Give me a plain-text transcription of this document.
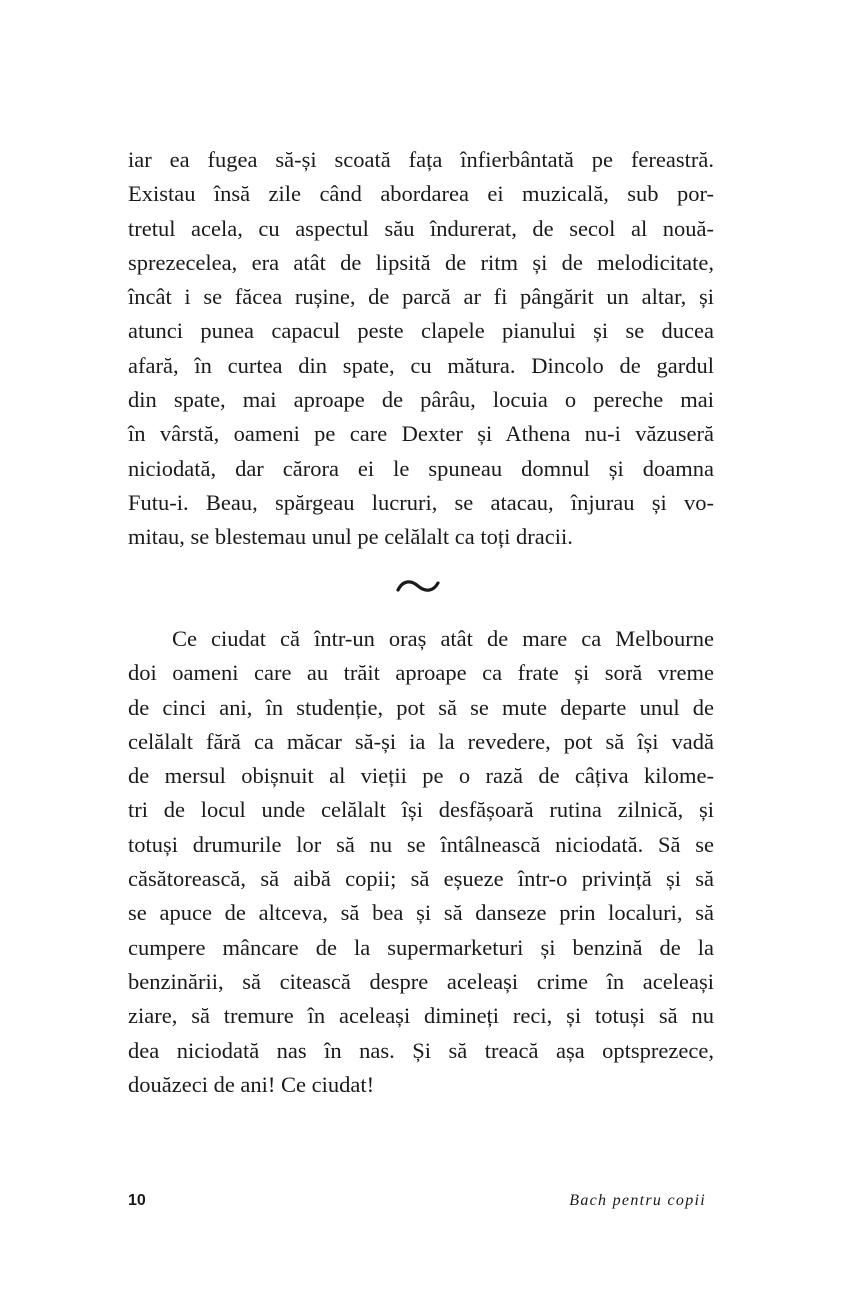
iar ea fugea să-și scoată fața înfierbântată pe fereastră.
Existau însă zile când abordarea ei muzicală, sub por-
tretul acela, cu aspectul său îndurerat, de secol al nouă-
sprezecelea, era atât de lipsită de ritm și de melodicitate,
încât i se făcea rușine, de parcă ar fi pângărit un altar, și
atunci punea capacul peste clapele pianului și se ducea
afară, în curtea din spate, cu mătura. Dincolo de gardul
din spate, mai aproape de pârâu, locuia o pereche mai
în vârstă, oameni pe care Dexter și Athena nu-i văzuseră
niciodată, dar cărora ei le spuneau domnul și doamna
Futu-i. Beau, spărgeau lucruri, se atacau, înjurau și vo-
mitau, se blestemau unul pe celălalt ca toți dracii.
Ce ciudat că într-un oraș atât de mare ca Melbourne
doi oameni care au trăit aproape ca frate și soră vreme
de cinci ani, în studenție, pot să se mute departe unul de
celălalt fără ca măcar să-și ia la revedere, pot să își vadă
de mersul obișnuit al vieții pe o rază de câțiva kilome-
tri de locul unde celălalt își desfășoară rutina zilnică, și
totuși drumurile lor să nu se întâlnească niciodată. Să se
căsătorească, să aibă copii; să eșueze într-o privință și să
se apuce de altceva, să bea și să danseze prin localuri, să
cumpere mâncare de la supermarketuri și benzină de la
benzinării, să citească despre aceleași crime în aceleași
ziare, să tremure în aceleași dimineți reci, și totuși să nu
dea niciodată nas în nas. Și să treacă așa optsprezece,
douăzeci de ani! Ce ciudat!
10	Bach pentru copii
